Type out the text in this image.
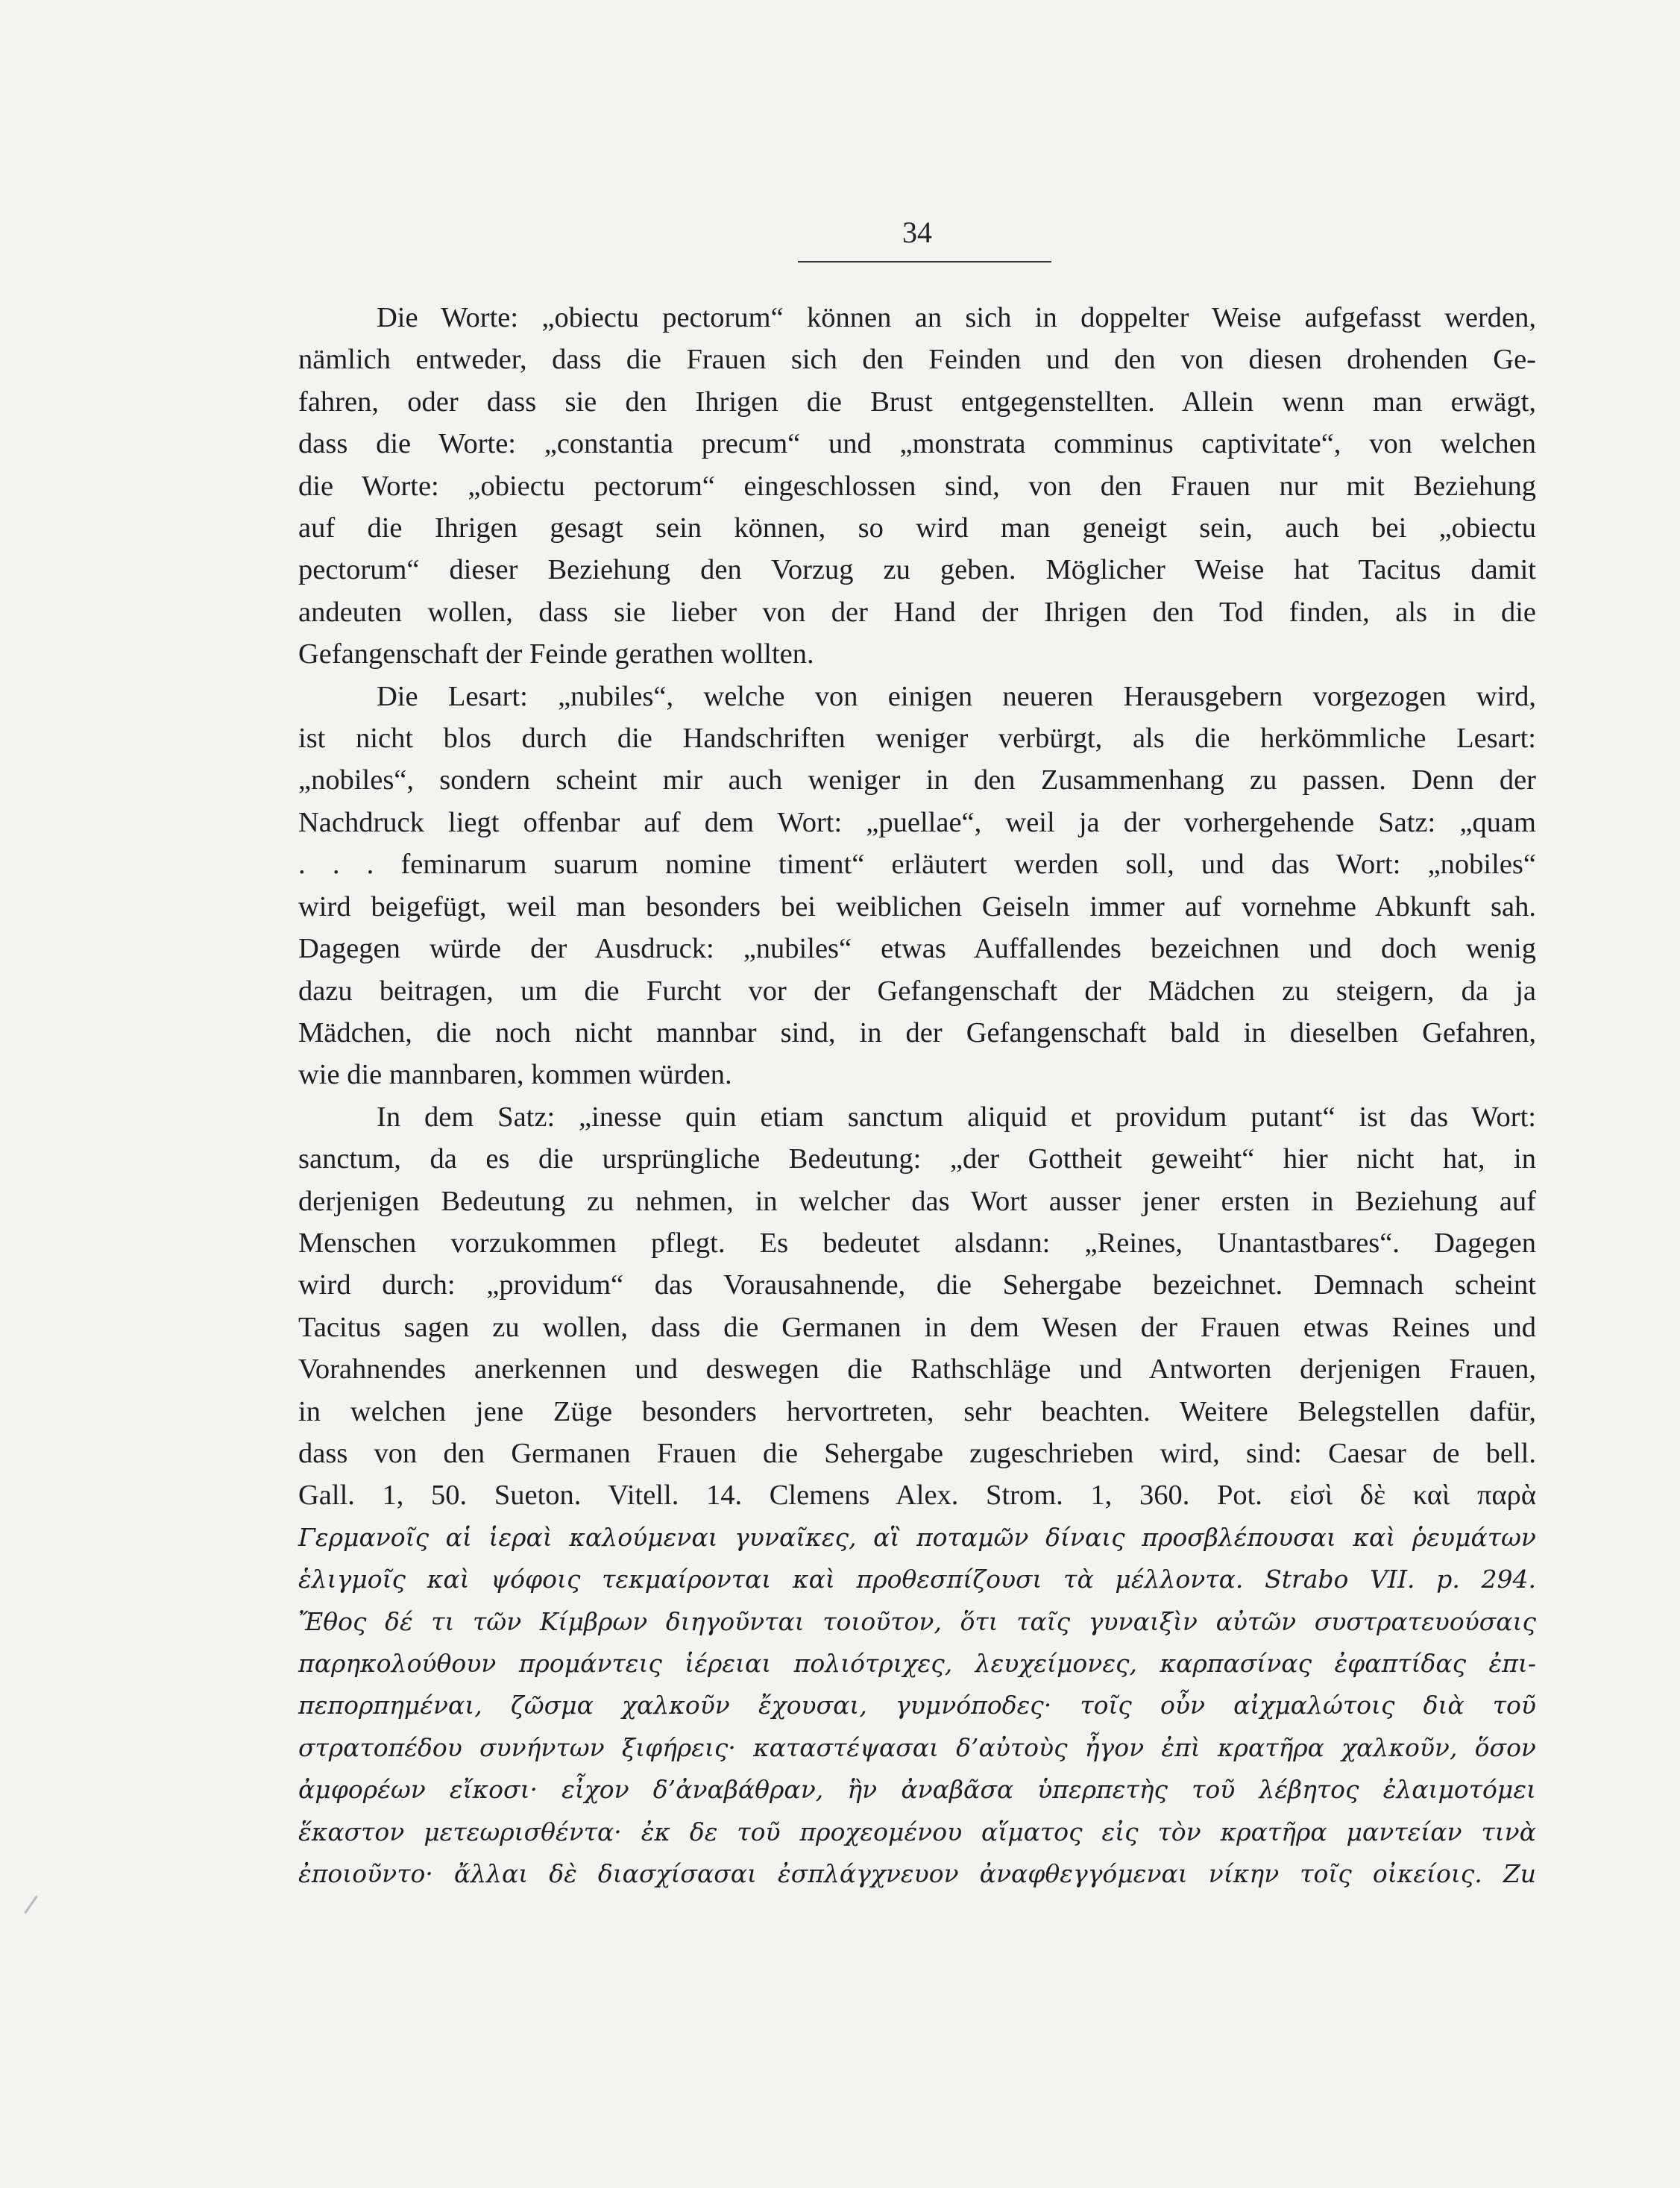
34
Die Worte: „obiectu pectorum“ können an sich in doppelter Weise aufgefasst werden,
nämlich entweder, dass die Frauen sich den Feinden und den von diesen drohenden Ge-
fahren, oder dass sie den Ihrigen die Brust entgegenstellten. Allein wenn man erwägt,
dass die Worte: „constantia precum“ und „monstrata comminus captivitate“, von welchen
die Worte: „obiectu pectorum“ eingeschlossen sind, von den Frauen nur mit Beziehung
auf die Ihrigen gesagt sein können, so wird man geneigt sein, auch bei „obiectu
pectorum“ dieser Beziehung den Vorzug zu geben. Möglicher Weise hat Tacitus damit
andeuten wollen, dass sie lieber von der Hand der Ihrigen den Tod finden, als in die
Gefangenschaft der Feinde gerathen wollten.
Die Lesart: „nubiles“, welche von einigen neueren Herausgebern vorgezogen wird,
ist nicht blos durch die Handschriften weniger verbürgt, als die herkömmliche Lesart:
„nobiles“, sondern scheint mir auch weniger in den Zusammenhang zu passen. Denn der
Nachdruck liegt offenbar auf dem Wort: „puellae“, weil ja der vorhergehende Satz: „quam
. . . feminarum suarum nomine timent“ erläutert werden soll, und das Wort: „nobiles“
wird beigefügt, weil man besonders bei weiblichen Geiseln immer auf vornehme Abkunft sah.
Dagegen würde der Ausdruck: „nubiles“ etwas Auffallendes bezeichnen und doch wenig
dazu beitragen, um die Furcht vor der Gefangenschaft der Mädchen zu steigern, da ja
Mädchen, die noch nicht mannbar sind, in der Gefangenschaft bald in dieselben Gefahren,
wie die mannbaren, kommen würden.
In dem Satz: „inesse quin etiam sanctum aliquid et providum putant“ ist das Wort:
sanctum, da es die ursprüngliche Bedeutung: „der Gottheit geweiht“ hier nicht hat, in
derjenigen Bedeutung zu nehmen, in welcher das Wort ausser jener ersten in Beziehung auf
Menschen vorzukommen pflegt. Es bedeutet alsdann: „Reines, Unantastbares“. Dagegen
wird durch: „providum“ das Vorausahnende, die Sehergabe bezeichnet. Demnach scheint
Tacitus sagen zu wollen, dass die Germanen in dem Wesen der Frauen etwas Reines und
Vorahnendes anerkennen und deswegen die Rathschläge und Antworten derjenigen Frauen,
in welchen jene Züge besonders hervortreten, sehr beachten. Weitere Belegstellen dafür,
dass von den Germanen Frauen die Sehergabe zugeschrieben wird, sind: Caesar de bell.
Gall. 1, 50. Sueton. Vitell. 14. Clemens Alex. Strom. 1, 360. Pot. εἰσὶ δὲ καὶ παρὰ
Γερμανοῖς αἱ ἱεραὶ καλούμεναι γυναῖκες, αἳ ποταμῶν δίναις προσβλέπουσαι καὶ ῥευμάτων
ἑλιγμοῖς καὶ ψόφοις τεκμαίρονται καὶ προθεσπίζουσι τὰ μέλλοντα. Strabo VII. p. 294.
Ἔθος δέ τι τῶν Κίμβρων διηγοῦνται τοιοῦτον, ὅτι ταῖς γυναιξὶν αὐτῶν συστρατευούσαις
παρηκολούθουν προμάντεις ἱέρειαι πολιότριχες, λευχείμονες, καρπασίνας ἐφαπτίδας ἐπι-
πεπορπημέναι, ζῶσμα χαλκοῦν ἔχουσαι, γυμνόποδες· τοῖς οὖν αἰχμαλώτοις διὰ τοῦ
στρατοπέδου συνήντων ξιφήρεις· καταστέψασαι δ’αὐτοὺς ἦγον ἐπὶ κρατῆρα χαλκοῦν, ὅσον
ἀμφορέων εἴκοσι· εἶχον δ’ἀναβάθραν, ἣν ἀναβᾶσα ὑπερπετὴς τοῦ λέβητος ἐλαιμοτόμει
ἕκαστον μετεωρισθέντα· ἐκ δε τοῦ προχεομένου αἵματος εἰς τὸν κρατῆρα μαντείαν τινὰ
ἐποιοῦντο· ἄλλαι δὲ διασχίσασαι ἐσπλάγχνευον ἀναφθεγγόμεναι νίκην τοῖς οἰκείοις. Zu
